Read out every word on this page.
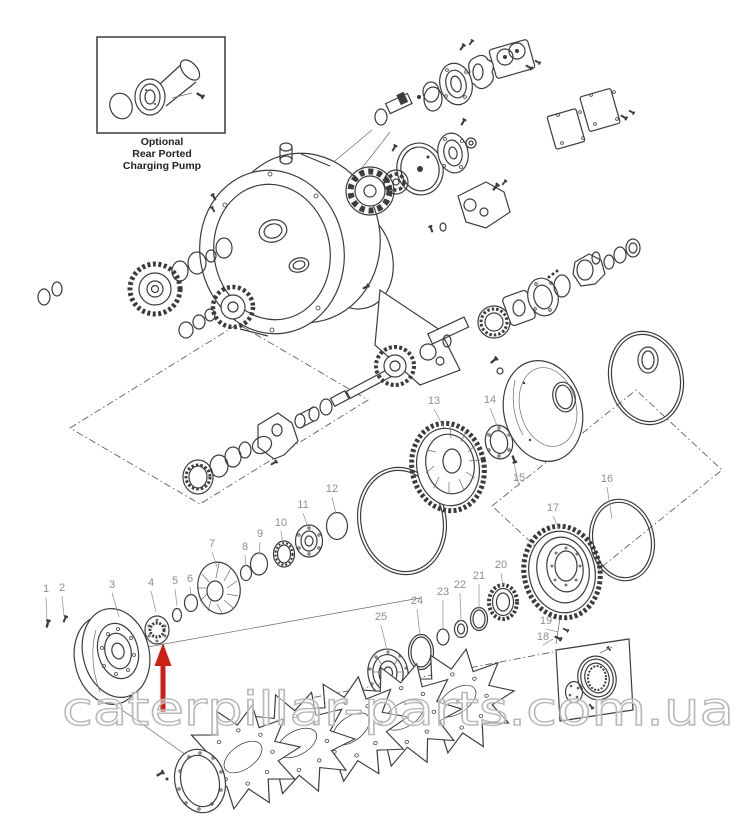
Optional
Rear Ported
Charging Pump
1 2	3	4 5 6
7 8
9
10
11
12
13	14
15	16
17
18
19
20
21
22
23
24
25
caterpillar-parts.com.ua
